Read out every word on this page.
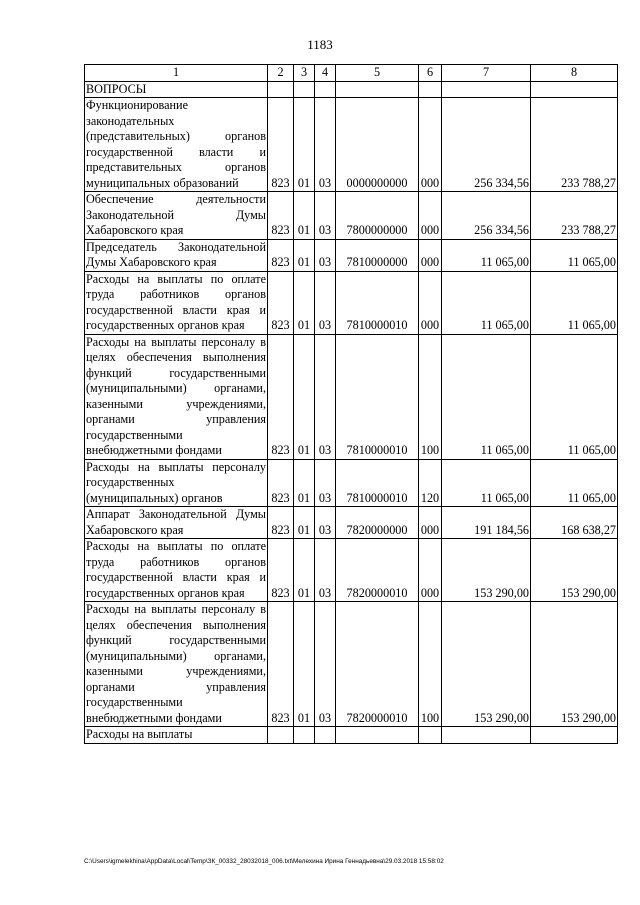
1183
1	2	3	4	5	6	7	8
ВОПРОСЫ							
Функционирование законодательных (представительных) органов государственной власти и представительных органов муниципальных образований	823	01	03	0000000000	000	256 334,56	233 788,27
Обеспечение деятельности Законодательной Думы Хабаровского края	823	01	03	7800000000	000	256 334,56	233 788,27
Председатель Законодательной Думы Хабаровского края	823	01	03	7810000000	000	11 065,00	11 065,00
Расходы на выплаты по оплате труда работников органов государственной власти края и государственных органов края	823	01	03	7810000010	000	11 065,00	11 065,00
Расходы на выплаты персоналу в целях обеспечения выполнения функций государственными (муниципальными) органами, казенными учреждениями, органами управления государственными внебюджетными фондами	823	01	03	7810000010	100	11 065,00	11 065,00
Расходы на выплаты персоналу государственных (муниципальных) органов	823	01	03	7810000010	120	11 065,00	11 065,00
Аппарат Законодательной Думы Хабаровского края	823	01	03	7820000000	000	191 184,56	168 638,27
Расходы на выплаты по оплате труда работников органов государственной власти края и государственных органов края	823	01	03	7820000010	000	153 290,00	153 290,00
Расходы на выплаты персоналу в целях обеспечения выполнения функций государственными (муниципальными) органами, казенными учреждениями, органами управления государственными внебюджетными фондами	823	01	03	7820000010	100	153 290,00	153 290,00
Расходы на выплаты							
C:\Users\igmelekhina\AppData\Local\Temp\ЗК_00332_28032018_006.txt\Мелехина Ирина Геннадьевна\29.03.2018 15:58:02
